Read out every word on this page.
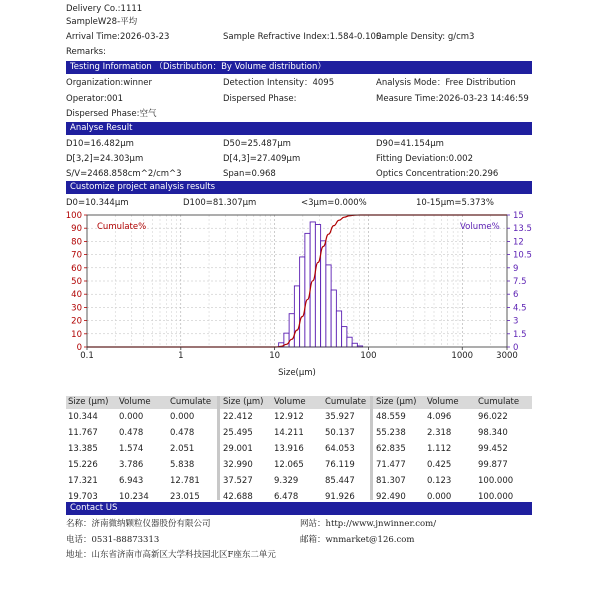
Delivery Co.:1111
SampleW28-平均
Arrival Time:2026-03-23	Sample Refractive Index:1.584-0.100
Sample Density: g/cm3
Remarks:
Testing Information （Distribution：By Volume distribution）
Organization:winner	Detection Intensity：4095	Analysis Mode：Free Distribution
Operator:001	Dispersed Phase:	Measure Time:2026-03-23 14:46:59
Dispersed Phase:空气
Analyse Result
D10=16.482μm	D50=25.487μm	D90=41.154μm
D[3,2]=24.303μm	D[4,3]=27.409μm	Fitting Deviation:0.002
S/V=2468.858cm^2/cm^3	Span=0.968	Optics Concentration:20.296
Customize project analysis results
D0=10.344μm	D100=81.307μm	<3μm=0.000%	10-15μm=5.373%
0
10
20
30
40
50
60
70
80
90
100
0
1.5
3
4.5
6
7.5
9
10.5
12
13.5
15
0.1	1	10	100	1000	3000
Cumulate%	Volume%
Size(μm)
Size (μm) Volume Cumulate Size (μm) Volume Cumulate Size (μm) Volume Cumulate
10.344	0.000	0.000
11.767	0.478	0.478
13.385	1.574	2.051
15.226	3.786	5.838
17.321	6.943	12.781
19.703	10.234	23.015
22.412	12.912	35.927
25.495	14.211	50.137
29.001	13.916	64.053
32.990	12.065	76.119
37.527	9.329	85.447
42.688	6.478	91.926
48.559	4.096	96.022
55.238	2.318	98.340
62.835	1.112	99.452
71.477	0.425	99.877
81.307	0.123	100.000
92.490	0.000	100.000
Contact US
名称：济南微纳颗粒仪器股份有限公司	网站：http://www.jnwinner.com/
电话：0531-88873313	邮箱：wnmarket@126.com
地址：山东省济南市高新区大学科技园北区F座东二单元
